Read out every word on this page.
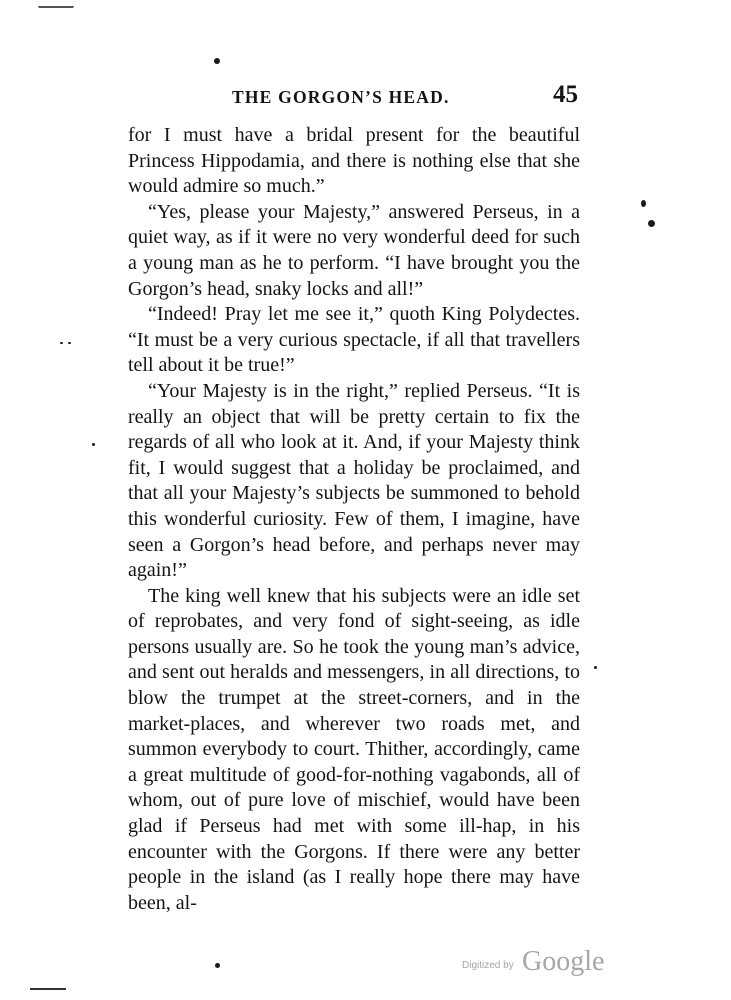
THE GORGON’S HEAD.	45

for I must have a bridal present for the beautiful Princess Hippodamia, and there is nothing else that she would admire so much.”

“Yes, please your Majesty,” answered Perseus, in a quiet way, as if it were no very wonderful deed for such a young man as he to perform. “I have brought you the Gorgon’s head, snaky locks and all!”

“Indeed! Pray let me see it,” quoth King Polydectes. “It must be a very curious spectacle, if all that travellers tell about it be true!”

“Your Majesty is in the right,” replied Perseus. “It is really an object that will be pretty certain to fix the regards of all who look at it. And, if your Majesty think fit, I would suggest that a holiday be proclaimed, and that all your Majesty’s subjects be summoned to behold this wonderful curiosity. Few of them, I imagine, have seen a Gorgon’s head before, and perhaps never may again!”

The king well knew that his subjects were an idle set of reprobates, and very fond of sight-seeing, as idle persons usually are. So he took the young man’s advice, and sent out heralds and messengers, in all directions, to blow the trumpet at the street-corners, and in the market-places, and wherever two roads met, and summon everybody to court. Thither, accordingly, came a great multitude of good-for-nothing vagabonds, all of whom, out of pure love of mischief, would have been glad if Perseus had met with some ill-hap, in his encounter with the Gorgons. If there were any better people in the island (as I really hope there may have been, al-

Digitized by Google
